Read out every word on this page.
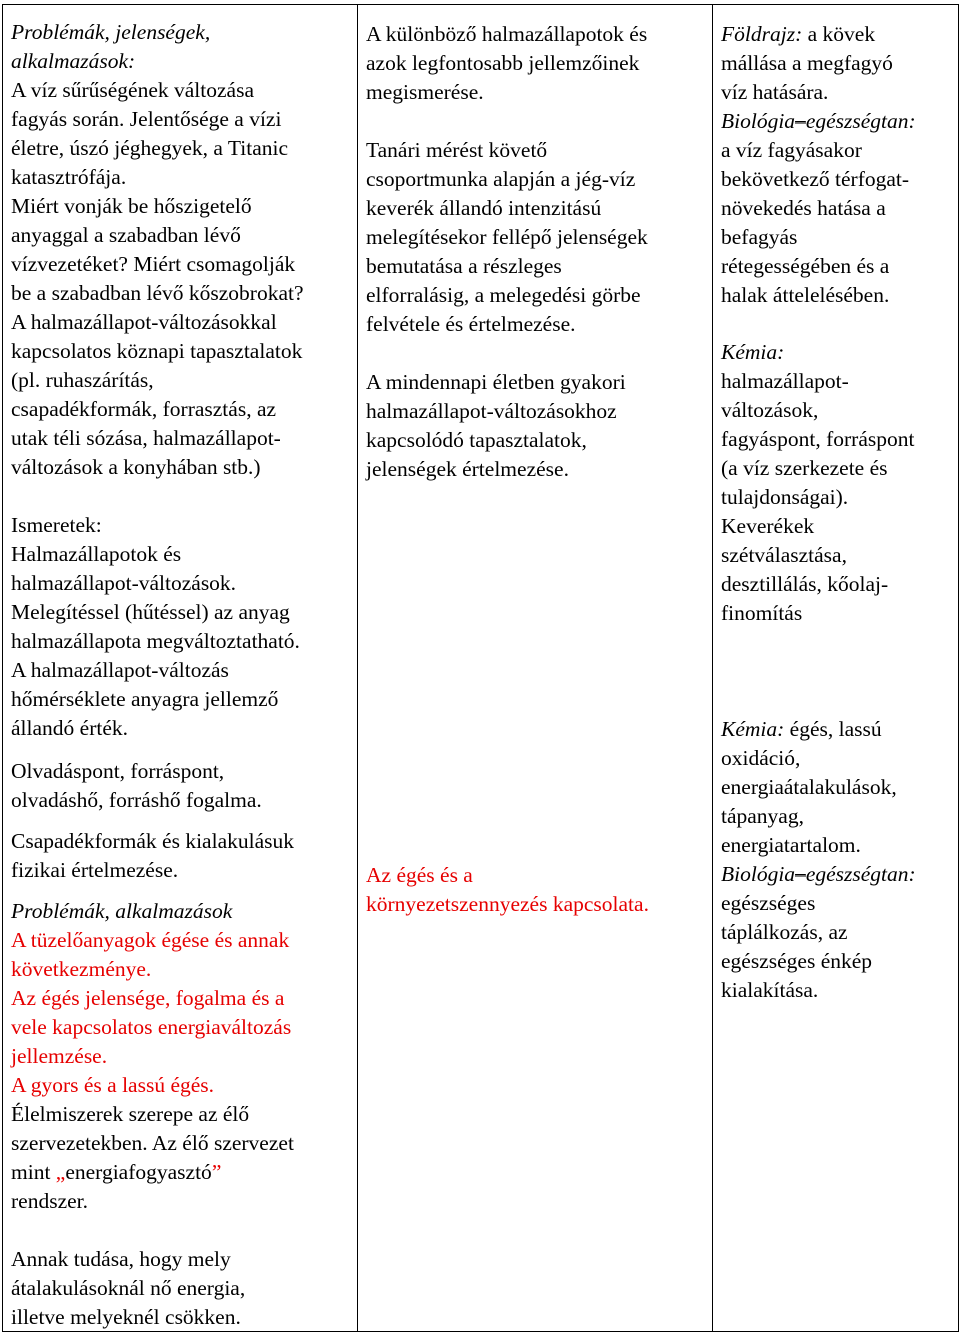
Problémák, jelenségek,
alkalmazások:
A víz sűrűségének változása
fagyás során. Jelentősége a vízi
életre, úszó jéghegyek, a Titanic
katasztrófája.
Miért vonják be hőszigetelő
anyaggal a szabadban lévő
vízvezetéket? Miért csomagolják
be a szabadban lévő kőszobrokat?
A halmazállapot-változásokkal
kapcsolatos köznapi tapasztalatok
(pl. ruhaszárítás,
csapadékformák, forrasztás, az
utak téli sózása, halmazállapot-
változások a konyhában stb.)
Ismeretek:
Halmazállapotok és
halmazállapot-változások.
Melegítéssel (hűtéssel) az anyag
halmazállapota megváltoztatható.
A halmazállapot-változás
hőmérséklete anyagra jellemző
állandó érték.
Olvadáspont, forráspont,
olvadáshő, forráshő fogalma.
Csapadékformák és kialakulásuk
fizikai értelmezése.
Problémák, alkalmazások
A tüzelőanyagok égése és annak
következménye.
Az égés jelensége, fogalma és a
vele kapcsolatos energiaváltozás
jellemzése.
A gyors és a lassú égés.
Élelmiszerek szerepe az élő
szervezetekben. Az élő szervezet
mint „energiafogyasztó”
rendszer.
Annak tudása, hogy mely
átalakulásoknál nő energia,
illetve melyeknél csökken.

A különböző halmazállapotok és
azok legfontosabb jellemzőinek
megismerése.
Tanári mérést követő
csoportmunka alapján a jég-víz
keverék állandó intenzitású
melegítésekor fellépő jelenségek
bemutatása a részleges
elforralásig, a melegedési görbe
felvétele és értelmezése.
A mindennapi életben gyakori
halmazállapot-változásokhoz
kapcsolódó tapasztalatok,
jelenségek értelmezése.
Az égés és a
környezetszennyezés kapcsolata.

Földrajz: a kövek
mállása a megfagyó
víz hatására.
Biológia–egészségtan:
a víz fagyásakor
bekövetkező térfogat-
növekedés hatása a
befagyás
rétegességében és a
halak áttelelésében.
Kémia:
halmazállapot-
változások,
fagyáspont, forráspont
(a víz szerkezete és
tulajdonságai).
Keverékek
szétválasztása,
desztillálás, kőolaj-
finomítás
Kémia: égés, lassú
oxidáció,
energiaátalakulások,
tápanyag,
energiatartalom.
Biológia–egészségtan:
egészséges
táplálkozás, az
egészséges énkép
kialakítása.
